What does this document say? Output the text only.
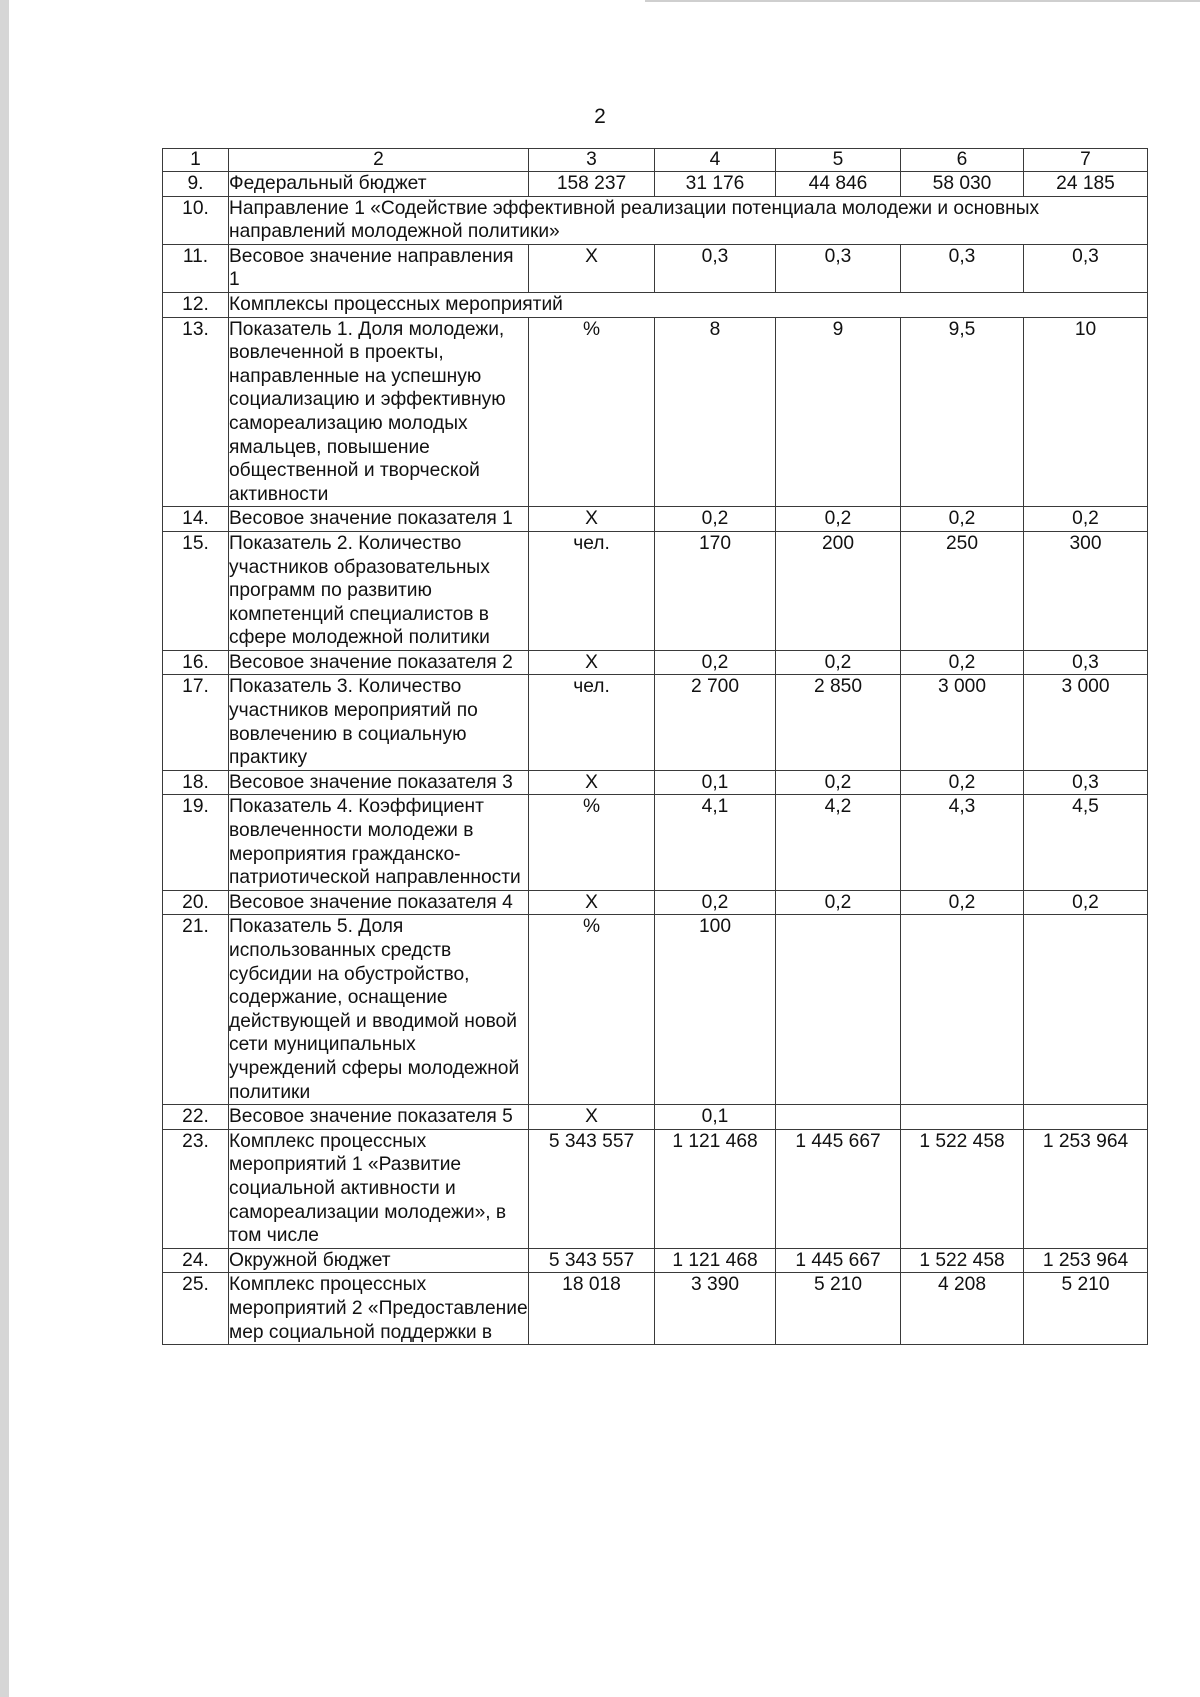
2
1	2	3	4	5	6	7
9.	Федеральный бюджет	158 237	31 176	44 846	58 030	24 185
10.	Направление 1 «Содействие эффективной реализации потенциала молодежи и основных направлений молодежной политики»					
11.	Весовое значение направления 1	Х	0,3	0,3	0,3	0,3
12.	Комплексы процессных мероприятий					
13.	Показатель 1. Доля молодежи, вовлеченной в проекты, направленные на успешную социализацию и эффективную самореализацию молодых ямальцев, повышение общественной и творческой активности	%	8	9	9,5	10
14.	Весовое значение показателя 1	Х	0,2	0,2	0,2	0,2
15.	Показатель 2. Количество участников образовательных программ по развитию компетенций специалистов в сфере молодежной политики	чел.	170	200	250	300
16.	Весовое значение показателя 2	Х	0,2	0,2	0,2	0,3
17.	Показатель 3. Количество участников мероприятий по вовлечению в социальную практику	чел.	2 700	2 850	3 000	3 000
18.	Весовое значение показателя 3	Х	0,1	0,2	0,2	0,3
19.	Показатель 4. Коэффициент вовлеченности молодежи в мероприятия гражданско-патриотической направленности	%	4,1	4,2	4,3	4,5
20.	Весовое значение показателя 4	Х	0,2	0,2	0,2	0,2
21.	Показатель 5. Доля использованных средств субсидии на обустройство, содержание, оснащение действующей и вводимой новой сети муниципальных учреждений сферы молодежной политики	%	100			
22.	Весовое значение показателя 5	Х	0,1			
23.	Комплекс процессных мероприятий 1 «Развитие социальной активности и самореализации молодежи», в том числе	5 343 557	1 121 468	1 445 667	1 522 458	1 253 964
24.	Окружной бюджет	5 343 557	1 121 468	1 445 667	1 522 458	1 253 964
25.	Комплекс процессных мероприятий 2 «Предоставление мер социальной поддержки в	18 018	3 390	5 210	4 208	5 210
